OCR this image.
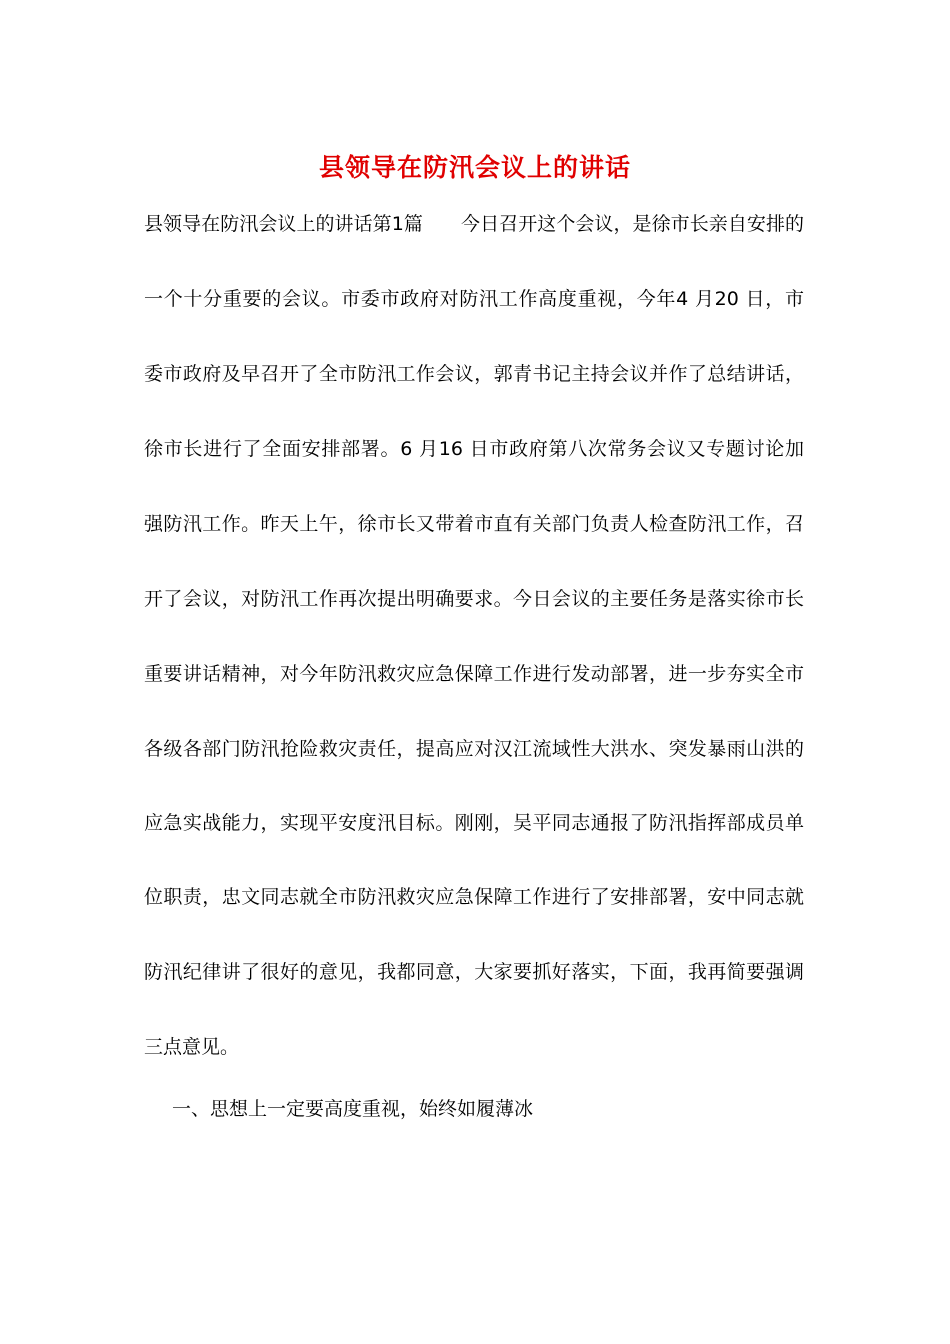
县领导在防汛会议上的讲话
县领导在防汛会议上的讲话第1篇　　今日召开这个会议，是徐市长亲自安排的
一个十分重要的会议。市委市政府对防汛工作高度重视，今年4 月20 日，市
委市政府及早召开了全市防汛工作会议，郭青书记主持会议并作了总结讲话，
徐市长进行了全面安排部署。6 月16 日市政府第八次常务会议又专题讨论加
强防汛工作。昨天上午，徐市长又带着市直有关部门负责人检查防汛工作，召
开了会议，对防汛工作再次提出明确要求。今日会议的主要任务是落实徐市长
重要讲话精神，对今年防汛救灾应急保障工作进行发动部署，进一步夯实全市
各级各部门防汛抢险救灾责任，提高应对汉江流域性大洪水、突发暴雨山洪的
应急实战能力，实现平安度汛目标。刚刚，吴平同志通报了防汛指挥部成员单
位职责，忠文同志就全市防汛救灾应急保障工作进行了安排部署，安中同志就
防汛纪律讲了很好的意见，我都同意，大家要抓好落实，下面，我再简要强调
三点意见。
一、思想上一定要高度重视，始终如履薄冰
